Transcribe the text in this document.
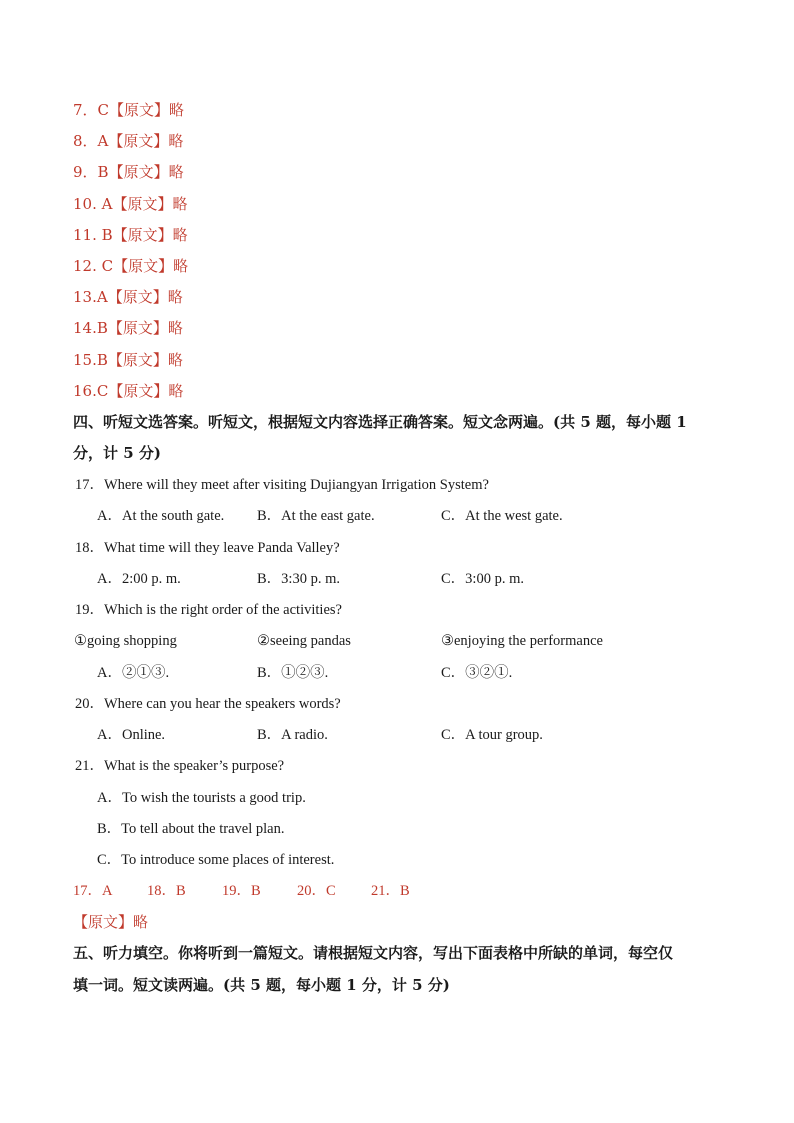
7．C【原文】略
8．A【原文】略
9．B【原文】略
10. A【原文】略
11. B【原文】略
12. C【原文】略
13.A【原文】略
14.B【原文】略
15.B【原文】略
16.C【原文】略
四、听短文选答案。听短文，根据短文内容选择正确答案。短文念两遍。(共 5 题，每小题 1
分，计 5 分)
17．Where will they meet after visiting Dujiangyan Irrigation System?
A．At the south gate. B．At the east gate.	C．At the west gate.
18．What time will they leave Panda Valley?
A．2:00 p. m.	B．3:30 p. m.	C．3:00 p. m.
19．Which is the right order of the activities?
①going shopping	②seeing pandas	③enjoying the performance
A．②①③.	B．①②③.	C．③②①.
20．Where can you hear the speakers words?
A．Online.	B．A radio.	C．A tour group.
21．What is the speaker’s purpose?
A．To wish the tourists a good trip.
B．To tell about the travel plan.
C．To introduce some places of interest.
17．A 18．B	19．B	20．C 21．B
【原文】略
五、听力填空。你将听到一篇短文。请根据短文内容，写出下面表格中所缺的单词，每空仅
填一词。短文读两遍。(共 5 题，每小题 1 分，计 5 分)
